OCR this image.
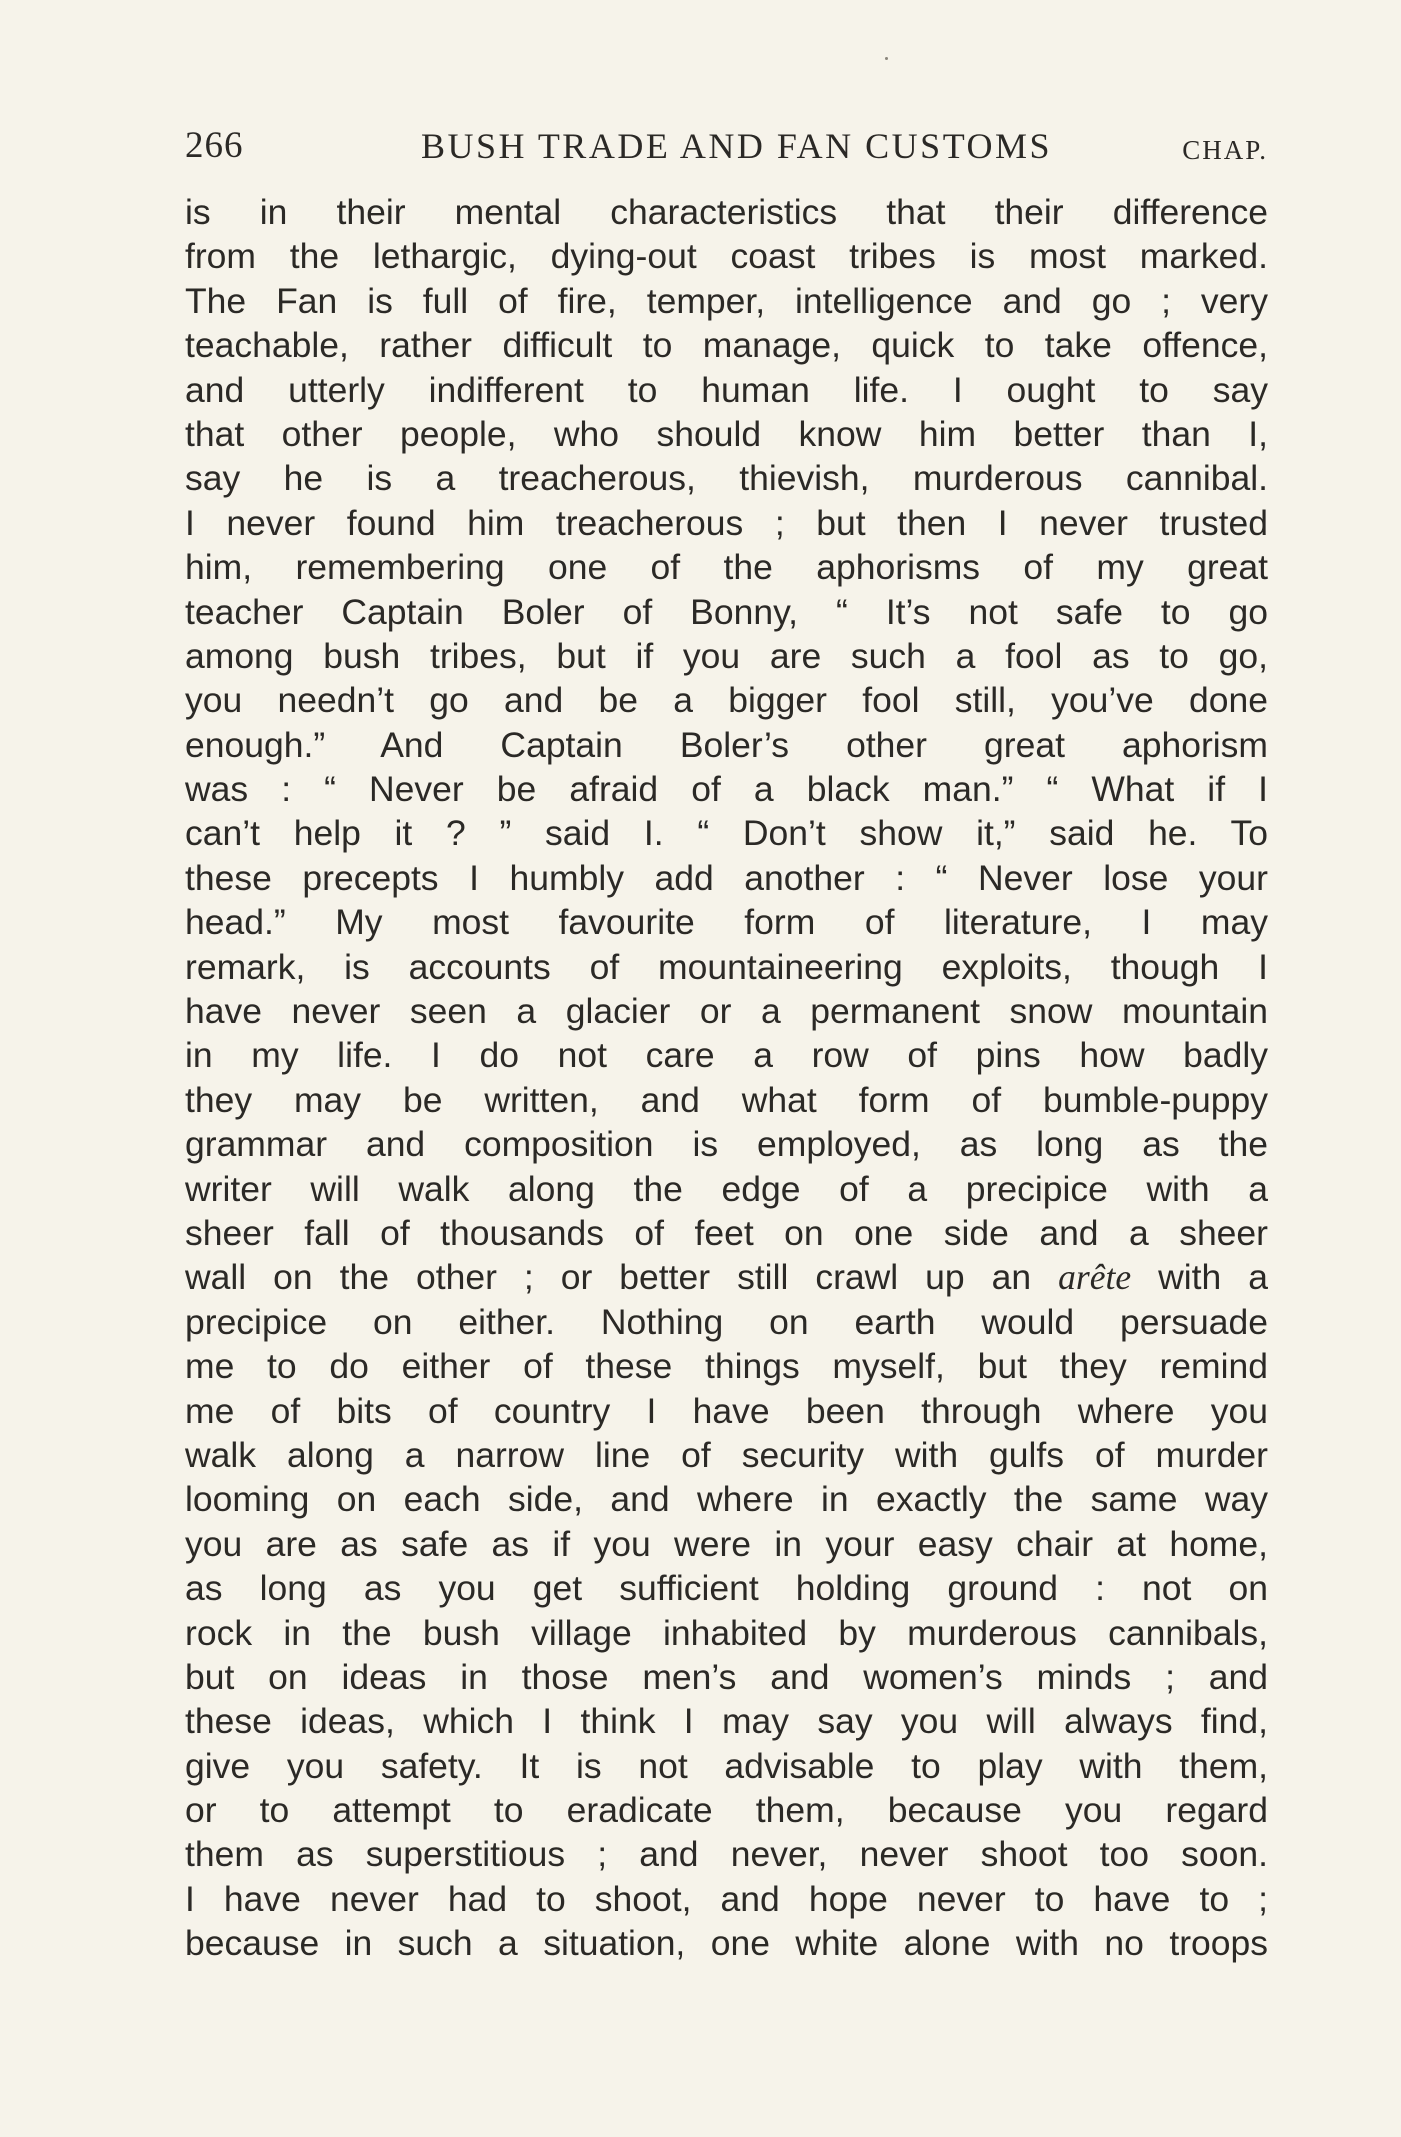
266	BUSH TRADE AND FAN CUSTOMS	CHAP.
is in their mental characteristics that their difference
from the lethargic, dying-out coast tribes is most marked.
The Fan is full of fire, temper, intelligence and go ; very
teachable, rather difficult to manage, quick to take offence,
and utterly indifferent to human life. I ought to say
that other people, who should know him better than I,
say he is a treacherous, thievish, murderous cannibal.
I never found him treacherous ; but then I never trusted
him, remembering one of the aphorisms of my great
teacher Captain Boler of Bonny, “ It’s not safe to go
among bush tribes, but if you are such a fool as to go,
you needn’t go and be a bigger fool still, you’ve done
enough.” And Captain Boler’s other great aphorism
was : “ Never be afraid of a black man.” “ What if I
can’t help it ? ” said I. “ Don’t show it,” said he. To
these precepts I humbly add another : “ Never lose your
head.” My most favourite form of literature, I may
remark, is accounts of mountaineering exploits, though I
have never seen a glacier or a permanent snow mountain
in my life. I do not care a row of pins how badly
they may be written, and what form of bumble-puppy
grammar and composition is employed, as long as the
writer will walk along the edge of a precipice with a
sheer fall of thousands of feet on one side and a sheer
wall on the other ; or better still crawl up an arête with a
precipice on either. Nothing on earth would persuade
me to do either of these things myself, but they remind
me of bits of country I have been through where you
walk along a narrow line of security with gulfs of murder
looming on each side, and where in exactly the same way
you are as safe as if you were in your easy chair at home,
as long as you get sufficient holding ground : not on
rock in the bush village inhabited by murderous cannibals,
but on ideas in those men’s and women’s minds ; and
these ideas, which I think I may say you will always find,
give you safety. It is not advisable to play with them,
or to attempt to eradicate them, because you regard
them as superstitious ; and never, never shoot too soon.
I have never had to shoot, and hope never to have to ;
because in such a situation, one white alone with no troops
